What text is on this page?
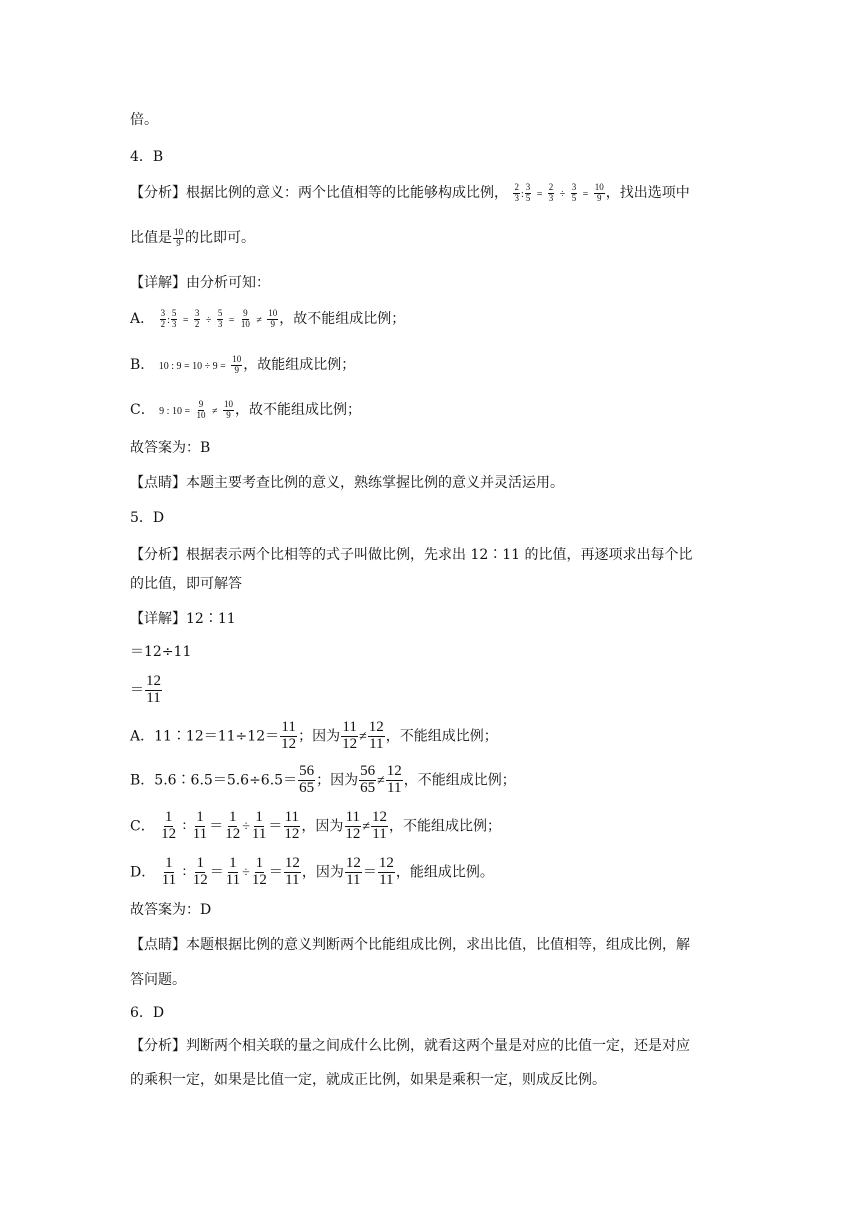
倍。
4．B
【分析】根据比例的意义：两个比值相等的比能够构成比例， $\frac{2}{3}$ : $\frac{3}{5} = \frac{2}{3} \div \frac{3}{5} = \frac{10}{9}$ ，找出选项中
比值是 $\frac{10}{9}$ 的比即可。
【详解】由分析可知：
A． $\frac{3}{2}$ : $\frac{5}{3} = \frac{3}{2} \div \frac{5}{3} = \frac{9}{10} \ne \frac{10}{9}$ ，故不能组成比例；
B． 10 : $9 = 10 \div 9 = \frac{10}{9}$ ，故能组成比例；
C． 9 : $10 = \frac{9}{10} \ne \frac{10}{9}$ ，故不能组成比例；
故答案为：B
【点睛】本题主要考查比例的意义，熟练掌握比例的意义并灵活运用。
5．D
【分析】根据表示两个比相等的式子叫做比例，先求出 12∶11 的比值，再逐项求出每个比
的比值，即可解答
【详解】12∶11
＝12÷11
＝ $\frac{12}{11}$
A．11∶12＝11÷12＝ $\frac{11}{12}$ ；因为 $\frac{11}{12} \ne \frac{12}{11}$ ，不能组成比例；
B．5.6∶6.5＝5.6÷6.5＝ $\frac{56}{65}$ ；因为 $\frac{56}{65} \ne \frac{12}{11}$ ，不能组成比例；
C． $\frac{1}{12}$ ∶ $\frac{1}{11} = \frac{1}{12} \div \frac{1}{11} = \frac{11}{12}$ ，因为 $\frac{11}{12} \ne \frac{12}{11}$ ，不能组成比例；
D． $\frac{1}{11}$ ∶ $\frac{1}{12} = \frac{1}{11} \div \frac{1}{12} = \frac{12}{11}$ ，因为 $\frac{12}{11} = \frac{12}{11}$ ，能组成比例。
故答案为：D
【点睛】本题根据比例的意义判断两个比能组成比例，求出比值，比值相等，组成比例，解
答问题。
6．D
【分析】判断两个相关联的量之间成什么比例，就看这两个量是对应的比值一定，还是对应
的乘积一定，如果是比值一定，就成正比例，如果是乘积一定，则成反比例。
